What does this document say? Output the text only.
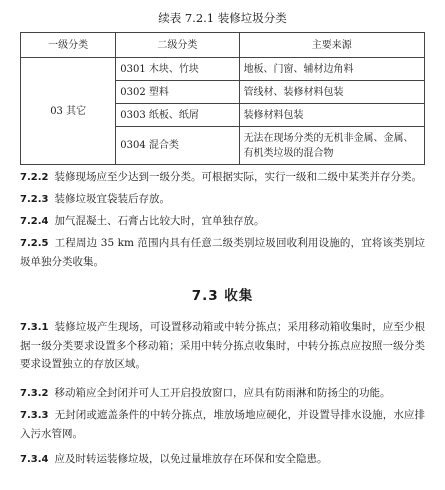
续表 7.2.1 装修垃圾分类
一级分类	二级分类	主要来源
03 其它	0301 木块、竹块	地板、门窗、辅材边角料
	0302 塑料	管线材、装修材料包装
	0303 纸板、纸屑	装修材料包装
	0304 混合类	无法在现场分类的无机非金属、金属、有机类垃圾的混合物
7.2.2 装修现场应至少达到一级分类。可根据实际，实行一级和二级中某类并存分类。
7.2.3 装修垃圾宜袋装后存放。
7.2.4 加气混凝土、石膏占比较大时，宜单独存放。
7.2.5 工程周边 35 km 范围内具有任意二级类别垃圾回收利用设施的，宜将该类别垃圾单独分类收集。
7.3 收集
7.3.1 装修垃圾产生现场，可设置移动箱或中转分拣点；采用移动箱收集时，应至少根据一级分类要求设置多个移动箱；采用中转分拣点收集时，中转分拣点应按照一级分类要求设置独立的存放区域。
7.3.2 移动箱应全封闭并可人工开启投放窗口，应具有防雨淋和防扬尘的功能。
7.3.3 无封闭或遮盖条件的中转分拣点，堆放场地应硬化，并设置导排水设施，水应排入污水管网。
7.3.4 应及时转运装修垃圾，以免过量堆放存在环保和安全隐患。
